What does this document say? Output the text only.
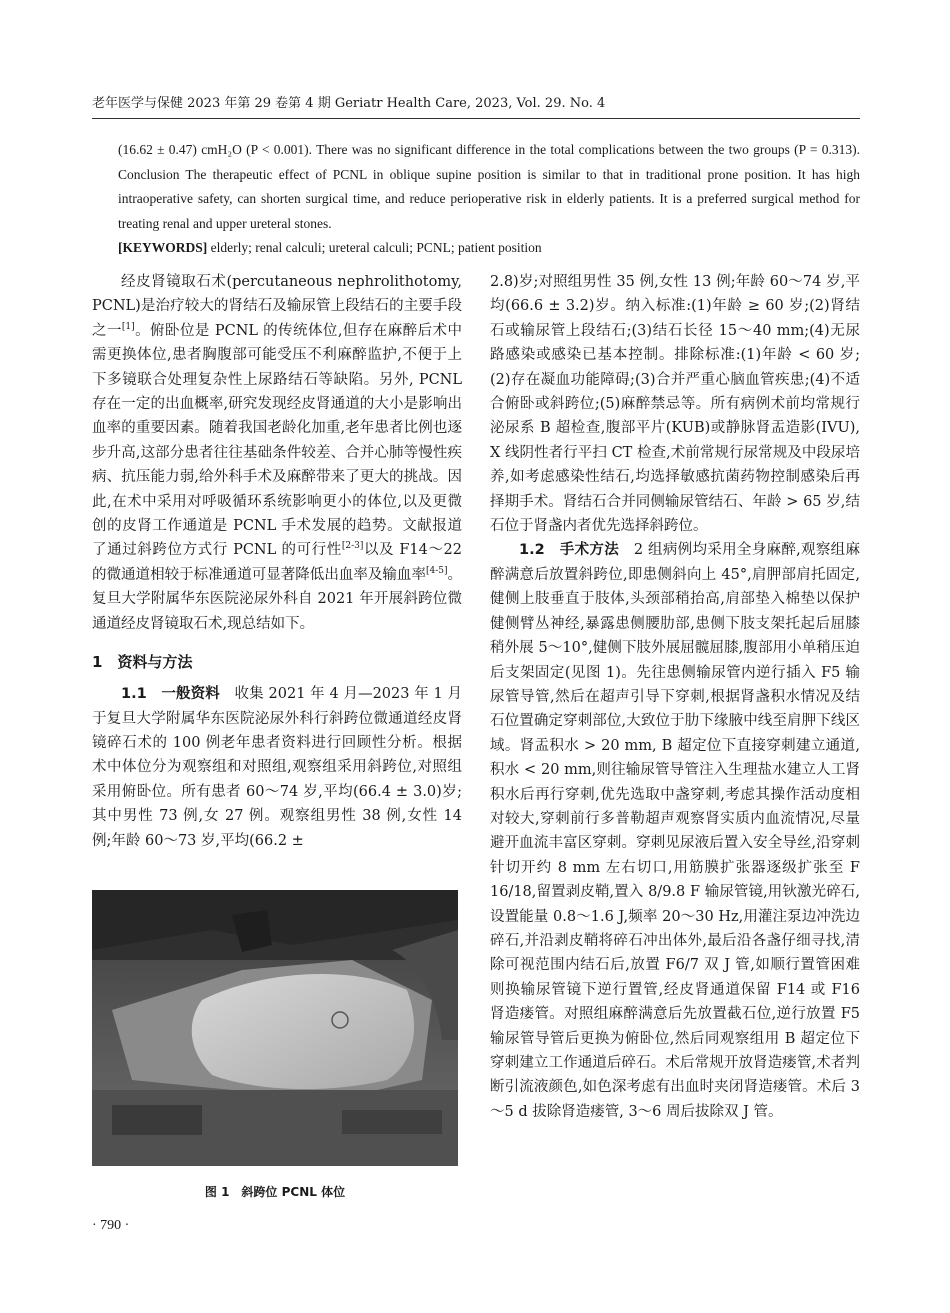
老年医学与保健 2023 年第 29 卷第 4 期 Geriatr Health Care, 2023, Vol. 29. No. 4

(16.62 ± 0.47) cmH₂O (P < 0.001). There was no significant difference in the total complications between the two groups (P = 0.313). Conclusion The therapeutic effect of PCNL in oblique supine position is similar to that in traditional prone position. It has high intraoperative safety, can shorten surgical time, and reduce perioperative risk in elderly patients. It is a preferred surgical method for treating renal and upper ureteral stones.

[KEYWORDS] elderly; renal calculi; ureteral calculi; PCNL; patient position

经皮肾镜取石术(percutaneous nephrolithotomy, PCNL)是治疗较大的肾结石及输尿管上段结石的主要手段之一[1]。俯卧位是 PCNL 的传统体位,但存在麻醉后术中需更换体位,患者胸腹部可能受压不利麻醉监护,不便于上下多镜联合处理复杂性上尿路结石等缺陷。另外, PCNL 存在一定的出血概率,研究发现经皮肾通道的大小是影响出血率的重要因素。随着我国老龄化加重,老年患者比例也逐步升高,这部分患者往往基础条件较差、合并心肺等慢性疾病、抗压能力弱,给外科手术及麻醉带来了更大的挑战。因此,在术中采用对呼吸循环系统影响更小的体位,以及更微创的皮肾工作通道是 PCNL 手术发展的趋势。文献报道了通过斜跨位方式行 PCNL 的可行性[2-3]以及 F14～22 的微通道相较于标准通道可显著降低出血率及输血率[4-5]。复旦大学附属华东医院泌尿外科自 2021 年开展斜跨位微通道经皮肾镜取石术,现总结如下。

1　资料与方法

1.1　一般资料　 收集 2021 年 4 月—2023 年 1 月于复旦大学附属华东医院泌尿外科行斜跨位微通道经皮肾镜碎石术的 100 例老年患者资料进行回顾性分析。根据术中体位分为观察组和对照组,观察组采用斜跨位,对照组采用俯卧位。所有患者 60～74 岁,平均(66.4 ± 3.0)岁;其中男性 73 例,女 27 例。观察组男性 38 例,女性 14 例;年龄 60～73 岁,平均(66.2 ±

图 1　斜跨位 PCNL 体位

2.8)岁;对照组男性 35 例,女性 13 例;年龄 60～74 岁,平均(66.6 ± 3.2)岁。纳入标准:(1)年龄 ≥ 60 岁;(2)肾结石或输尿管上段结石;(3)结石长径 15～40 mm;(4)无尿路感染或感染已基本控制。排除标准:(1)年龄 < 60 岁;(2)存在凝血功能障碍;(3)合并严重心脑血管疾患;(4)不适合俯卧或斜跨位;(5)麻醉禁忌等。所有病例术前均常规行泌尿系 B 超检查,腹部平片(KUB)或静脉肾盂造影(IVU), X 线阴性者行平扫 CT 检查,术前常规行尿常规及中段尿培养,如考虑感染性结石,均选择敏感抗菌药物控制感染后再择期手术。肾结石合并同侧输尿管结石、年龄 > 65 岁,结石位于肾盏内者优先选择斜跨位。

1.2　手术方法　 2 组病例均采用全身麻醉,观察组麻醉满意后放置斜跨位,即患侧斜向上 45°,肩胛部肩托固定,健侧上肢垂直于肢体,头颈部稍抬高,肩部垫入棉垫以保护健侧臂丛神经,暴露患侧腰肋部,患侧下肢支架托起后屈膝稍外展 5～10°,健侧下肢外展屈髋屈膝,腹部用小单稍压迫后支架固定(见图 1)。先往患侧输尿管内逆行插入 F5 输尿管导管,然后在超声引导下穿刺,根据肾盏积水情况及结石位置确定穿刺部位,大致位于肋下缘腋中线至肩胛下线区域。肾盂积水 > 20 mm, B 超定位下直接穿刺建立通道,积水 < 20 mm,则往输尿管导管注入生理盐水建立人工肾积水后再行穿刺,优先选取中盏穿刺,考虑其操作活动度相对较大,穿刺前行多普勒超声观察肾实质内血流情况,尽量避开血流丰富区穿刺。穿刺见尿液后置入安全导丝,沿穿刺针切开约 8 mm 左右切口,用筋膜扩张器逐级扩张至 F 16/18,留置剥皮鞘,置入 8/9.8 F 输尿管镜,用钬激光碎石,设置能量 0.8～1.6 J,频率 20～30 Hz,用灌注泵边冲洗边碎石,并沿剥皮鞘将碎石冲出体外,最后沿各盏仔细寻找,清除可视范围内结石后,放置 F6/7 双 J 管,如顺行置管困难则换输尿管镜下逆行置管,经皮肾通道保留 F14 或 F16 肾造瘘管。对照组麻醉满意后先放置截石位,逆行放置 F5 输尿管导管后更换为俯卧位,然后同观察组用 B 超定位下穿刺建立工作通道后碎石。术后常规开放肾造瘘管,术者判断引流液颜色,如色深考虑有出血时夹闭肾造瘘管。术后 3～5 d 拔除肾造瘘管, 3～6 周后拔除双 J 管。

· 790 ·
